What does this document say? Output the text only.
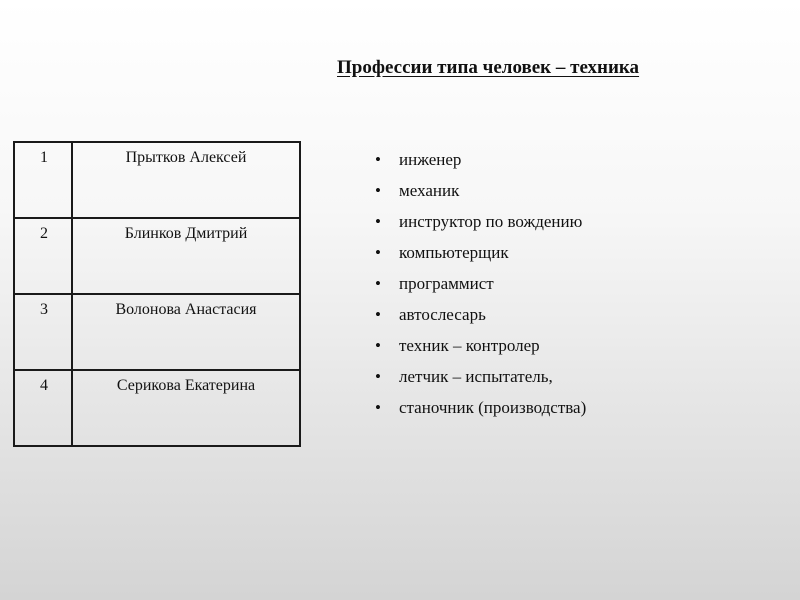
Профессии типа человек – техника
1	Прытков Алексей
2	Блинков Дмитрий
3	Волонова Анастасия
4	Серикова Екатерина
• инженер
• механик
• инструктор по вождению
• компьютерщик
• программист
• автослесарь
• техник – контролер
• летчик – испытатель,
• станочник (производства)
